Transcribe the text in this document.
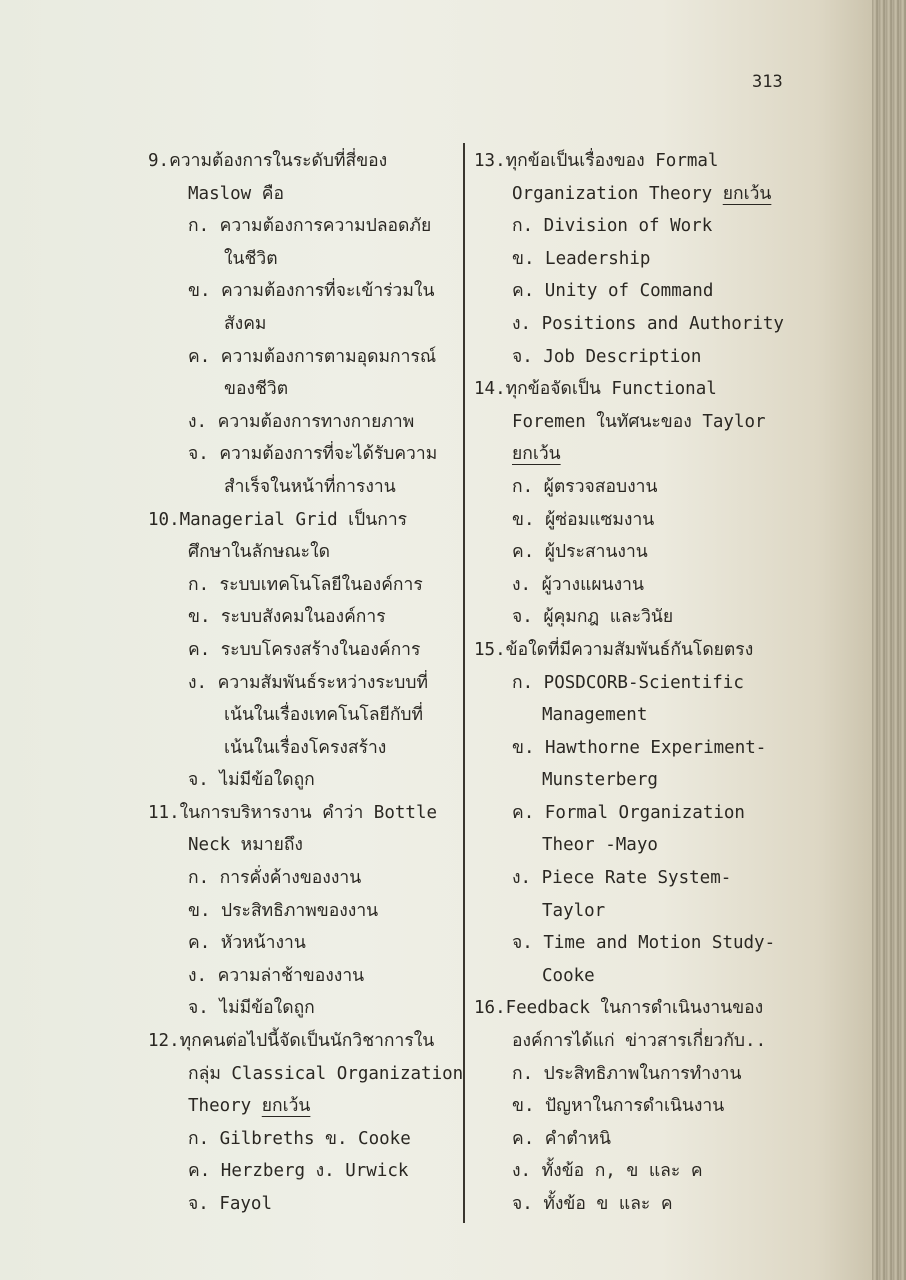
313
9.ความต้องการในระดับที่สี่ของ
Maslow คือ
ก. ความต้องการความปลอดภัย
ในชีวิต
ข. ความต้องการที่จะเข้าร่วมใน
สังคม
ค. ความต้องการตามอุดมการณ์
ของชีวิต
ง. ความต้องการทางกายภาพ
จ. ความต้องการที่จะได้รับความ
สำเร็จในหน้าที่การงาน
10.Managerial Grid เป็นการ
ศึกษาในลักษณะใด
ก. ระบบเทคโนโลยีในองค์การ
ข. ระบบสังคมในองค์การ
ค. ระบบโครงสร้างในองค์การ
ง. ความสัมพันธ์ระหว่างระบบที่
เน้นในเรื่องเทคโนโลยีกับที่
เน้นในเรื่องโครงสร้าง
จ. ไม่มีข้อใดถูก
11.ในการบริหารงาน คำว่า Bottle
Neck หมายถึง
ก. การคั่งค้างของงาน
ข. ประสิทธิภาพของงาน
ค. หัวหน้างาน
ง. ความล่าช้าของงาน
จ. ไม่มีข้อใดถูก
12.ทุกคนต่อไปนี้จัดเป็นนักวิชาการใน
กลุ่ม Classical Organization
Theory ยกเว้น
ก. Gilbreths ข. Cooke
ค. Herzberg ง. Urwick
จ. Fayol
13.ทุกข้อเป็นเรื่องของ Formal
Organization Theory ยกเว้น
ก. Division of Work
ข. Leadership
ค. Unity of Command
ง. Positions and Authority
จ. Job Description
14.ทุกข้อจัดเป็น Functional
Foremen ในทัศนะของ Taylor
ยกเว้น
ก. ผู้ตรวจสอบงาน
ข. ผู้ซ่อมแซมงาน
ค. ผู้ประสานงาน
ง. ผู้วางแผนงาน
จ. ผู้คุมกฎ และวินัย
15.ข้อใดที่มีความสัมพันธ์กันโดยตรง
ก. POSDCORB-Scientific
Management
ข. Hawthorne Experiment-
Munsterberg
ค. Formal Organization
Theor -Mayo
ง. Piece Rate System-
Taylor
จ. Time and Motion Study-
Cooke
16.Feedback ในการดำเนินงานของ
องค์การได้แก่ ข่าวสารเกี่ยวกับ..
ก. ประสิทธิภาพในการทำงาน
ข. ปัญหาในการดำเนินงาน
ค. คำตำหนิ
ง. ทั้งข้อ ก, ข และ ค
จ. ทั้งข้อ ข และ ค
